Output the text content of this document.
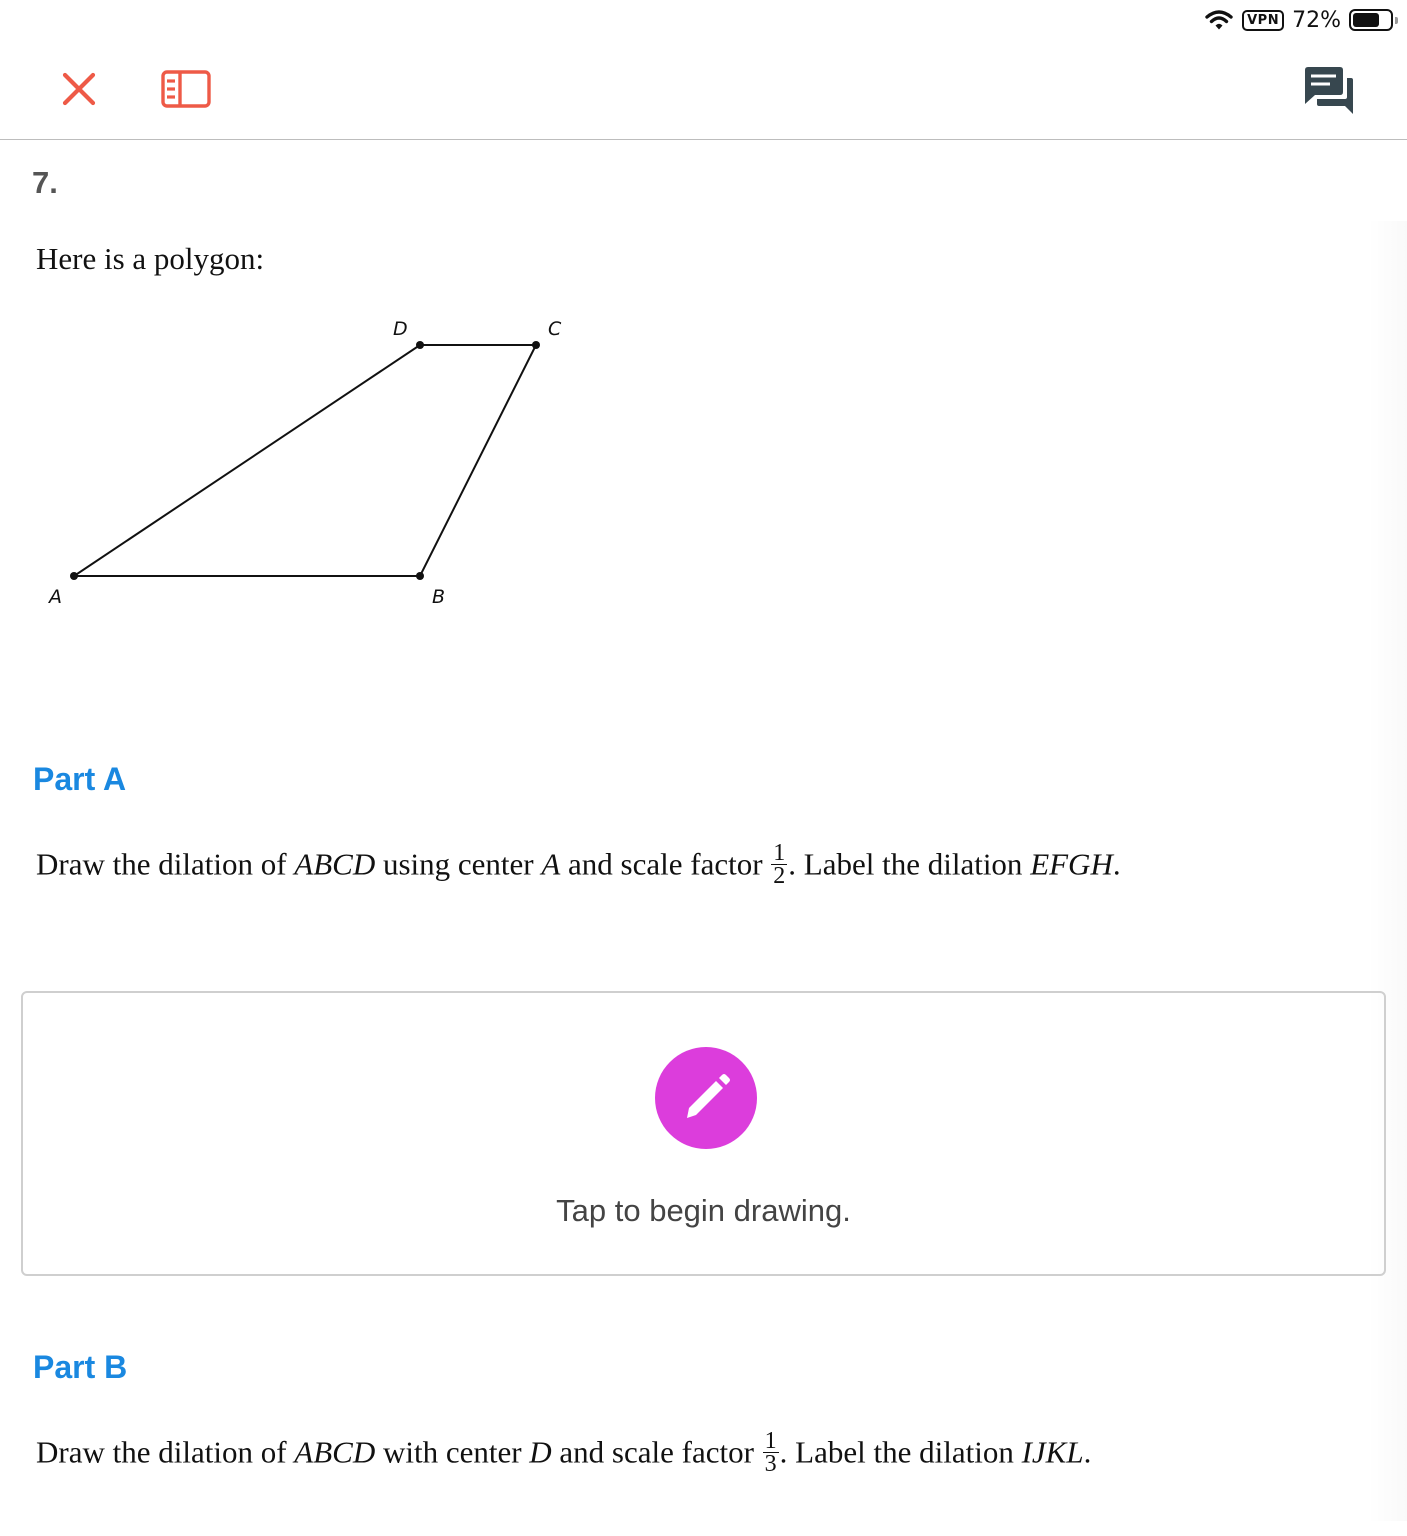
VPN 72%
7.
Here is a polygon:
A	B
C
D
Part A
Draw the dilation of ABCD using center A and scale factor $\frac{1}{2}$ . Label the dilation EFGH.
Tap to begin drawing.
Part B
Draw the dilation of ABCD with center D and scale factor $\frac{1}{3}$ . Label the dilation IJKL.
